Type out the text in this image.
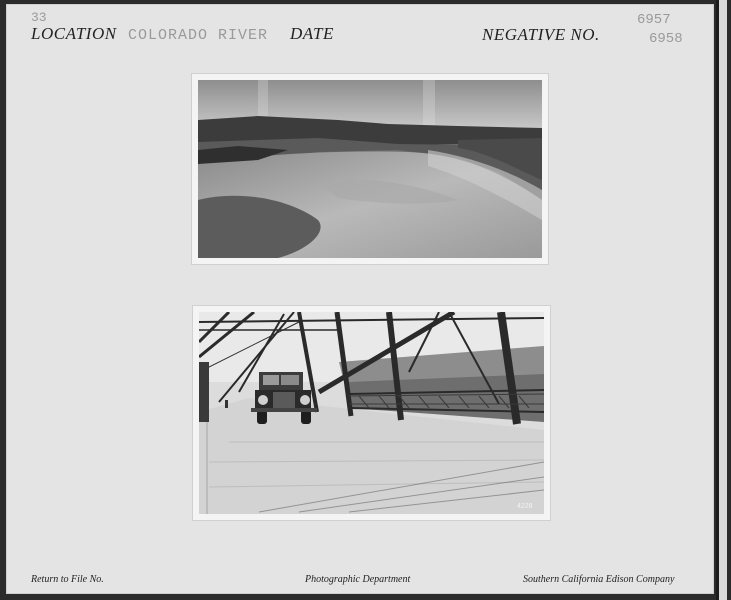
33
LOCATION COLORADO RIVER DATE	NEGATIVE NO.
6957
6958
4228
Return to File No.	Photographic Department	Southern California Edison Company
